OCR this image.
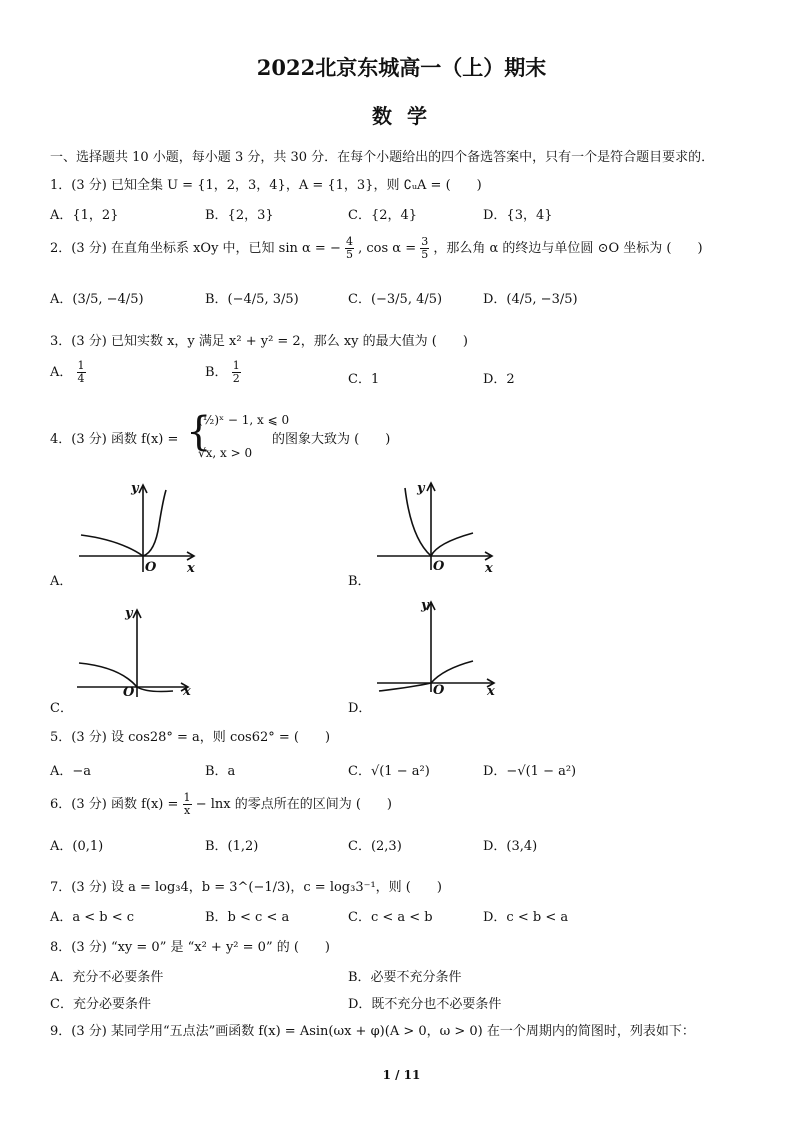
2022北京东城高一（上）期末
数 学
一、选择题共 10 小题，每小题 3 分，共 30 分．在每个小题给出的四个备选答案中，只有一个是符合题目要求的．
1．(3 分) 已知全集 U = {1，2，3，4}，A = {1，3}，则 ∁ᵤA = (　　)
A．{1，2}	B．{2，3}	C．{2，4}	D．{3，4}
2．(3 分) 在直角坐标系 xOy 中，已知 sin α = − $\frac{4}{5}$ , $\cos \alpha = \frac{3}{5}$ ，那么角 α 的终边与单位圆 ⊙O 坐标为 (　　)
A．(3/5, −4/5)	B．(−4/5, 3/5)	C．(−3/5, 4/5)	D．(4/5, −3/5)
3．(3 分) 已知实数 x，y 满足 x² + y² = 2，那么 xy 的最大值为 (　　)
A． $\frac{1}{4}$	B． $\frac{1}{2}$	C．1	D．2
4．(3 分) 函数 f(x) = {
(½)ˣ − 1, x ⩽ 0
√x, x > 0
的图象大致为 (　　)
A．
x
y
O
B．
x
y
O
C．
x
y
O
D．
x
y
O
5．(3 分) 设 cos28° = a，则 cos62° = (　　)
A．−a	B．a	C．√(1 − a²)	D．−√(1 − a²)
6．(3 分) 函数 $f(x) = \frac{1}{x} - \ln x$ 的零点所在的区间为 (　　)
A．(0,1)	B．(1,2)	C．(2,3)	D．(3,4)
7．(3 分) 设 a = log₃4，b = 3^(−1/3)，c = log₃3⁻¹，则 (　　)
A．a < b < c	B．b < c < a	C．c < a < b	D．c < b < a
8．(3 分) “xy = 0” 是 “x² + y² = 0” 的 (　　)
A．充分不必要条件	B．必要不充分条件
C．充分必要条件	D．既不充分也不必要条件
9．(3 分) 某同学用“五点法”画函数 f(x) = Asin(ωx + φ)(A > 0，ω > 0) 在一个周期内的简图时，列表如下：
1 / 11
